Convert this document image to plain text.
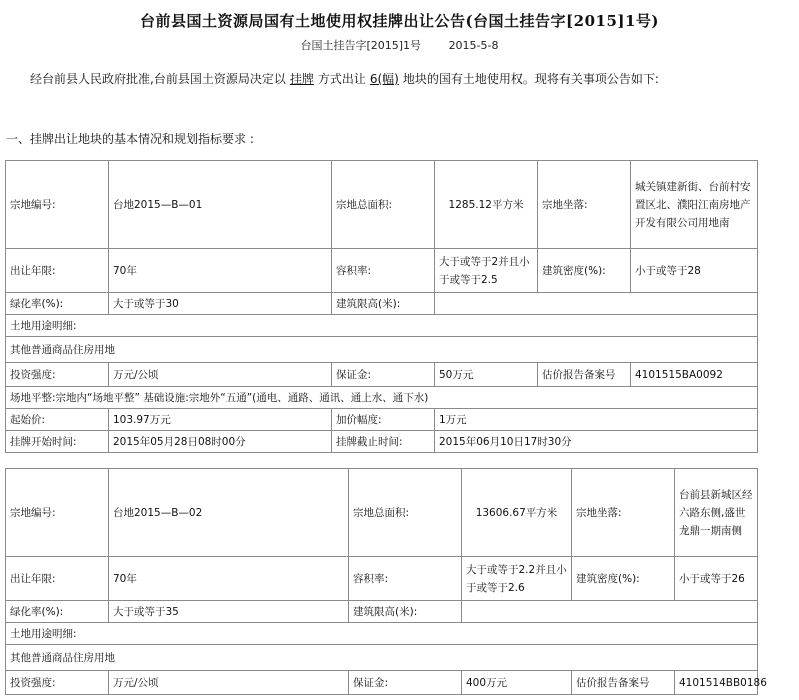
台前县国土资源局国有土地使用权挂牌出让公告(台国土挂告字[2015]1号)
台国土挂告字[2015]1号	2015-5-8
经台前县人民政府批准,台前县国土资源局决定以 挂牌 方式出让 6(幅) 地块的国有土地使用权。现将有关事项公告如下:
一、挂牌出让地块的基本情况和规划指标要求 :
宗地编号:	台地2015—B—01	宗地总面积:	1285.12平方米	宗地坐落:	城关镇建新街、台前村安置区北、濮阳江南房地产开发有限公司用地南
出让年限:	70年	容积率:	大于或等于2并且小于或等于2.5	建筑密度(%):	小于或等于28
绿化率(%):	大于或等于30	建筑限高(米):			
土地用途明细:					
其他普通商品住房用地					
投资强度:	万元/公顷	保证金:	50万元	估价报告备案号	4101515BA0092
场地平整:宗地内“场地平整” 基础设施:宗地外“五通”(通电、通路、通讯、通上水、通下水)					
起始价:	103.97万元	加价幅度:	1万元		
挂牌开始时间:	2015年05月28日08时00分	挂牌截止时间:	2015年06月10日17时30分		
宗地编号:	台地2015—B—02	宗地总面积:	13606.67平方米	宗地坐落:	台前县新城区经六路东侧,盛世龙鼎一期南侧
出让年限:	70年	容积率:	大于或等于2.2并且小于或等于2.6	建筑密度(%):	小于或等于26
绿化率(%):	大于或等于35	建筑限高(米):			
土地用途明细:					
其他普通商品住房用地					
投资强度:	万元/公顷	保证金:	400万元	估价报告备案号	4101514BB0186
